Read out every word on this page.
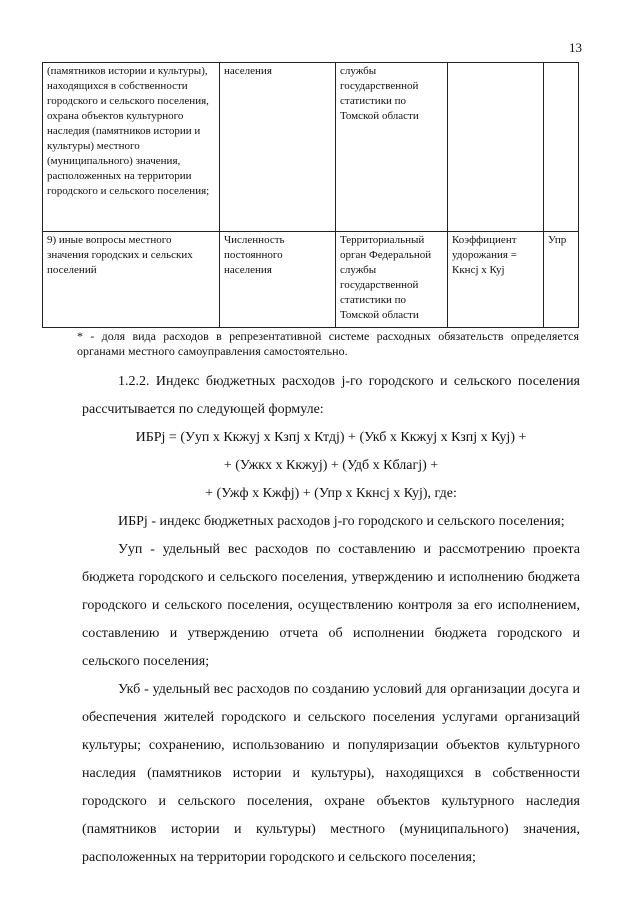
13
(памятников истории и культуры), находящихся в собственности городского и сельского поселения, охрана объектов культурного наследия (памятников истории и культуры) местного (муниципального) значения, расположенных на территории городского и сельского поселения;	населения	службы государственной статистики по Томской области		
9) иные вопросы местного значения городских и сельских поселений	Численность постоянного населения	Территориальный орган Федеральной службы государственной статистики по Томской области	Коэффициент удорожания = Ккнсj x Куj	Упр
* - доля вида расходов в репрезентативной системе расходных обязательств определяется органами местного самоуправления самостоятельно.

1.2.2. Индекс бюджетных расходов j-го городского и сельского поселения рассчитывается по следующей формуле:

ИБРj = (Ууп x Ккжуj x Кзпj x Ктдj) + (Укб x Ккжуj x Кзпj x Куj) +
+ (Ужкх x Ккжуj) + (Удб x Кблагj) +
+ (Ужф x Кжфj) + (Упр x Ккнсj x Куj), где:

ИБРj - индекс бюджетных расходов j-го городского и сельского поселения;

Ууп - удельный вес расходов по составлению и рассмотрению проекта бюджета городского и сельского поселения, утверждению и исполнению бюджета городского и сельского поселения, осуществлению контроля за его исполнением, составлению и утверждению отчета об исполнении бюджета городского и сельского поселения;

Укб - удельный вес расходов по созданию условий для организации досуга и обеспечения жителей городского и сельского поселения услугами организаций культуры; сохранению, использованию и популяризации объектов культурного наследия (памятников истории и культуры), находящихся в собственности городского и сельского поселения, охране объектов культурного наследия (памятников истории и культуры) местного (муниципального) значения, расположенных на территории городского и сельского поселения;
